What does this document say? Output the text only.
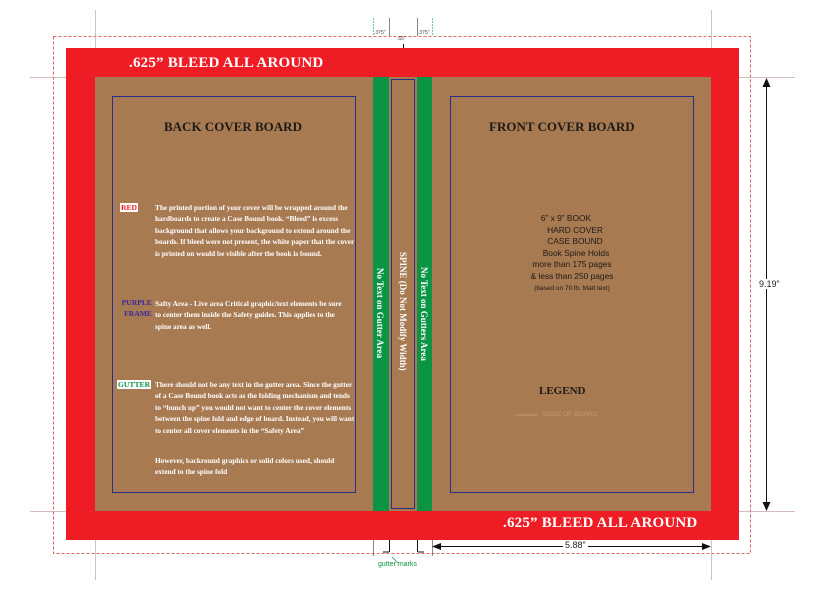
.375”
.65”
.375”
.625” BLEED ALL AROUND
.625” BLEED ALL AROUND
BACK COVER BOARD
RED The printed portion of your cover will be wrapped around the hardboards to create a Case Bound book. “Bleed” is excess background that allows your background to extend around the boards. If bleed were not present, the white paper that the cover is printed on would be visible after the book is bound.
PURPLE
FRAME
Safty Area - Live area Critical graphic/text elements be sure to center them inside the Safety guides. This applies to the spine area as well.
GUTTER There should not be any text in the gutter area. Since the gutter of a Case Bound book acts as the folding mechanism and tends to “bunch up” you would not want to center the cover elements between the spine fold and edge of board. Instead, you will want to center all cover elements in the “Safety Area”
However, backround graphics or solid colors used, should extend to the spine fold
No Text on Gutter Area SPINE (Do Not Modify Width) No Text on Gutters Area
FRONT COVER BOARD
6” x 9” BOOK
HARD COVER
CASE BOUND
Book Spine Holds
more than 175 pages
& less than 250 pages
(based on 70 lb. Matt text)
LEGEND
EDGE OF BOARD
9.19”
5.88”
gutter marks
